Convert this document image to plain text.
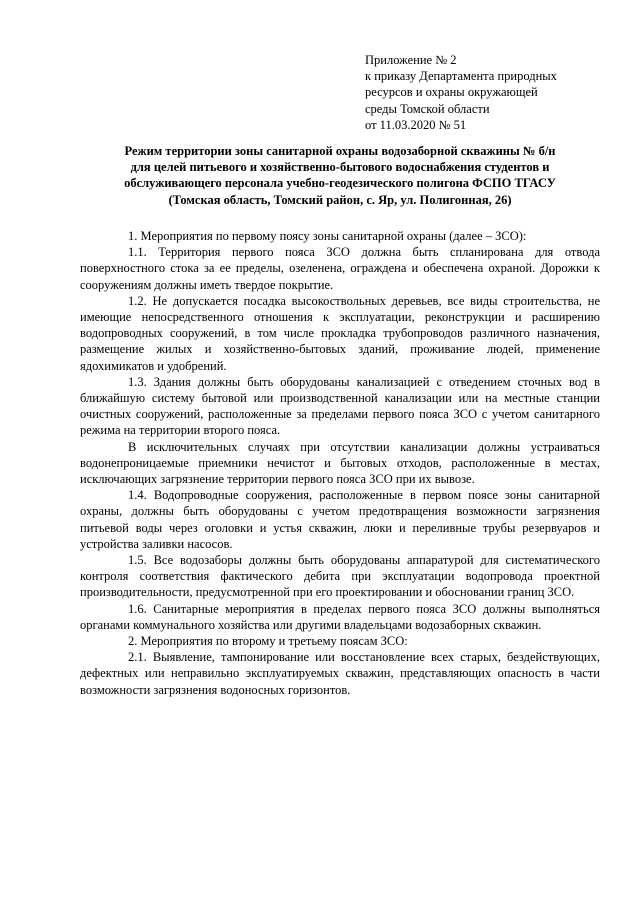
Приложение № 2
к приказу Департамента природных
ресурсов и охраны окружающей
среды Томской области
от 11.03.2020 № 51
Режим территории зоны санитарной охраны водозаборной скважины № б/н
для целей питьевого и хозяйственно-бытового водоснабжения студентов и
обслуживающего персонала учебно-геодезического полигона ФСПО ТГАСУ
(Томская область, Томский район, с. Яр, ул. Полигонная, 26)

1. Мероприятия по первому поясу зоны санитарной охраны (далее – ЗСО):

1.1. Территория первого пояса ЗСО должна быть спланирована для отвода поверхностного стока за ее пределы, озеленена, ограждена и обеспечена охраной. Дорожки к сооружениям должны иметь твердое покрытие.

1.2. Не допускается посадка высокоствольных деревьев, все виды строительства, не имеющие непосредственного отношения к эксплуатации, реконструкции и расширению водопроводных сооружений, в том числе прокладка трубопроводов различного назначения, размещение жилых и хозяйственно-бытовых зданий, проживание людей, применение ядохимикатов и удобрений.

1.3. Здания должны быть оборудованы канализацией с отведением сточных вод в ближайшую систему бытовой или производственной канализации или на местные станции очистных сооружений, расположенные за пределами первого пояса ЗСО с учетом санитарного режима на территории второго пояса.

В исключительных случаях при отсутствии канализации должны устраиваться водонепроницаемые приемники нечистот и бытовых отходов, расположенные в местах, исключающих загрязнение территории первого пояса ЗСО при их вывозе.

1.4. Водопроводные сооружения, расположенные в первом поясе зоны санитарной охраны, должны быть оборудованы с учетом предотвращения возможности загрязнения питьевой воды через оголовки и устья скважин, люки и переливные трубы резервуаров и устройства заливки насосов.

1.5. Все водозаборы должны быть оборудованы аппаратурой для систематического контроля соответствия фактического дебита при эксплуатации водопровода проектной производительности, предусмотренной при его проектировании и обосновании границ ЗСО.

1.6. Санитарные мероприятия в пределах первого пояса ЗСО должны выполняться органами коммунального хозяйства или другими владельцами водозаборных скважин.

2. Мероприятия по второму и третьему поясам ЗСО:

2.1. Выявление, тампонирование или восстановление всех старых, бездействующих, дефектных или неправильно эксплуатируемых скважин, представляющих опасность в части возможности загрязнения водоносных горизонтов.
